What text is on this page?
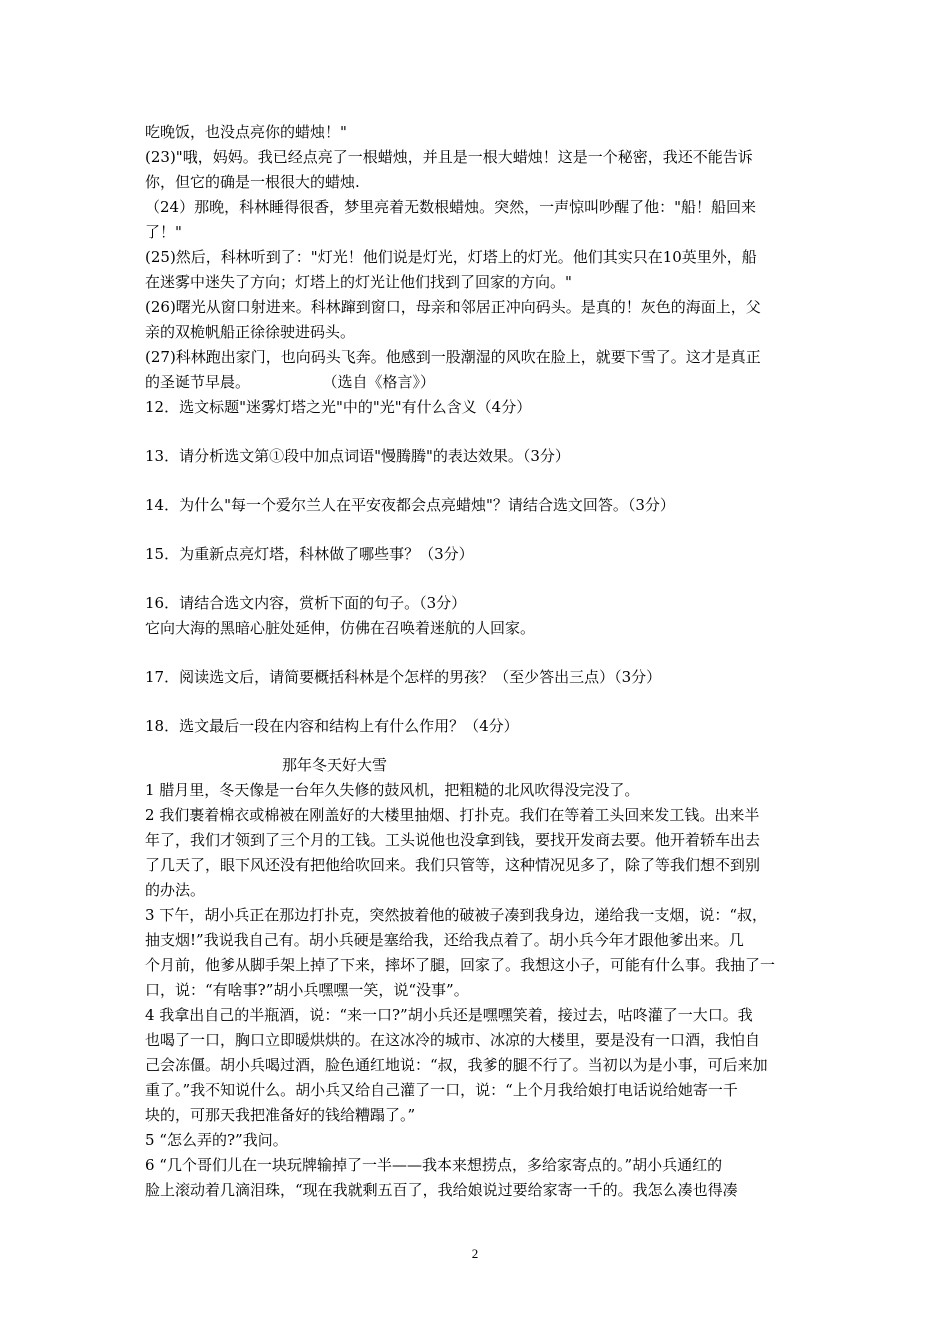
吃晚饭，也没点亮你的蜡烛！"

(23)"哦，妈妈。我已经点亮了一根蜡烛，并且是一根大蜡烛！这是一个秘密，我还不能告诉

你，但它的确是一根很大的蜡烛.

（24）那晚，科林睡得很香，梦里亮着无数根蜡烛。突然，一声惊叫吵醒了他："船！船回来

了！"

(25)然后，科林听到了："灯光！他们说是灯光，灯塔上的灯光。他们其实只在10英里外，船

在迷雾中迷失了方向；灯塔上的灯光让他们找到了回家的方向。"

(26)曙光从窗口射进来。科林蹿到窗口，母亲和邻居正冲向码头。是真的！灰色的海面上，父

亲的双桅帆船正徐徐驶进码头。

(27)科林跑出家门，也向码头飞奔。他感到一股潮湿的风吹在脸上，就要下雪了。这才是真正

的圣诞节早晨。	（选自《格言》）

12．选文标题"迷雾灯塔之光"中的"光"有什么含义（4分）

13．请分析选文第①段中加点词语"慢腾腾"的表达效果。（3分）

14．为什么"每一个爱尔兰人在平安夜都会点亮蜡烛"？请结合选文回答。（3分）

15．为重新点亮灯塔，科林做了哪些事？（3分）

16．请结合选文内容，赏析下面的句子。（3分）

它向大海的黑暗心脏处延伸，仿佛在召唤着迷航的人回家。

17．阅读选文后，请简要概括科林是个怎样的男孩？（至少答出三点）（3分）

18．选文最后一段在内容和结构上有什么作用？（4分）

那年冬天好大雪

1 腊月里，冬天像是一台年久失修的鼓风机，把粗糙的北风吹得没完没了。

2 我们裹着棉衣或棉被在刚盖好的大楼里抽烟、打扑克。我们在等着工头回来发工钱。出来半

年了，我们才领到了三个月的工钱。工头说他也没拿到钱，要找开发商去要。他开着轿车出去

了几天了，眼下风还没有把他给吹回来。我们只管等，这种情况见多了，除了等我们想不到别

的办法。

3 下午，胡小兵正在那边打扑克，突然披着他的破被子凑到我身边，递给我一支烟，说：“叔，

抽支烟!”我说我自己有。胡小兵硬是塞给我，还给我点着了。胡小兵今年才跟他爹出来。几

个月前，他爹从脚手架上掉了下来，摔坏了腿，回家了。我想这小子，可能有什么事。我抽了一

口，说：“有啥事?”胡小兵嘿嘿一笑，说“没事”。

4 我拿出自己的半瓶酒，说：“来一口?”胡小兵还是嘿嘿笑着，接过去，咕咚灌了一大口。我

也喝了一口，胸口立即暖烘烘的。在这冰冷的城市、冰凉的大楼里，要是没有一口酒，我怕自

己会冻僵。胡小兵喝过酒，脸色通红地说：“叔，我爹的腿不行了。当初以为是小事，可后来加

重了。”我不知说什么。胡小兵又给自己灌了一口，说：“上个月我给娘打电话说给她寄一千

块的，可那天我把准备好的钱给糟蹋了。”

5 “怎么弄的?”我问。

6 “几个哥们儿在一块玩牌输掉了一半——我本来想捞点，多给家寄点的。”胡小兵通红的

脸上滚动着几滴泪珠，“现在我就剩五百了，我给娘说过要给家寄一千的。我怎么凑也得凑

2
